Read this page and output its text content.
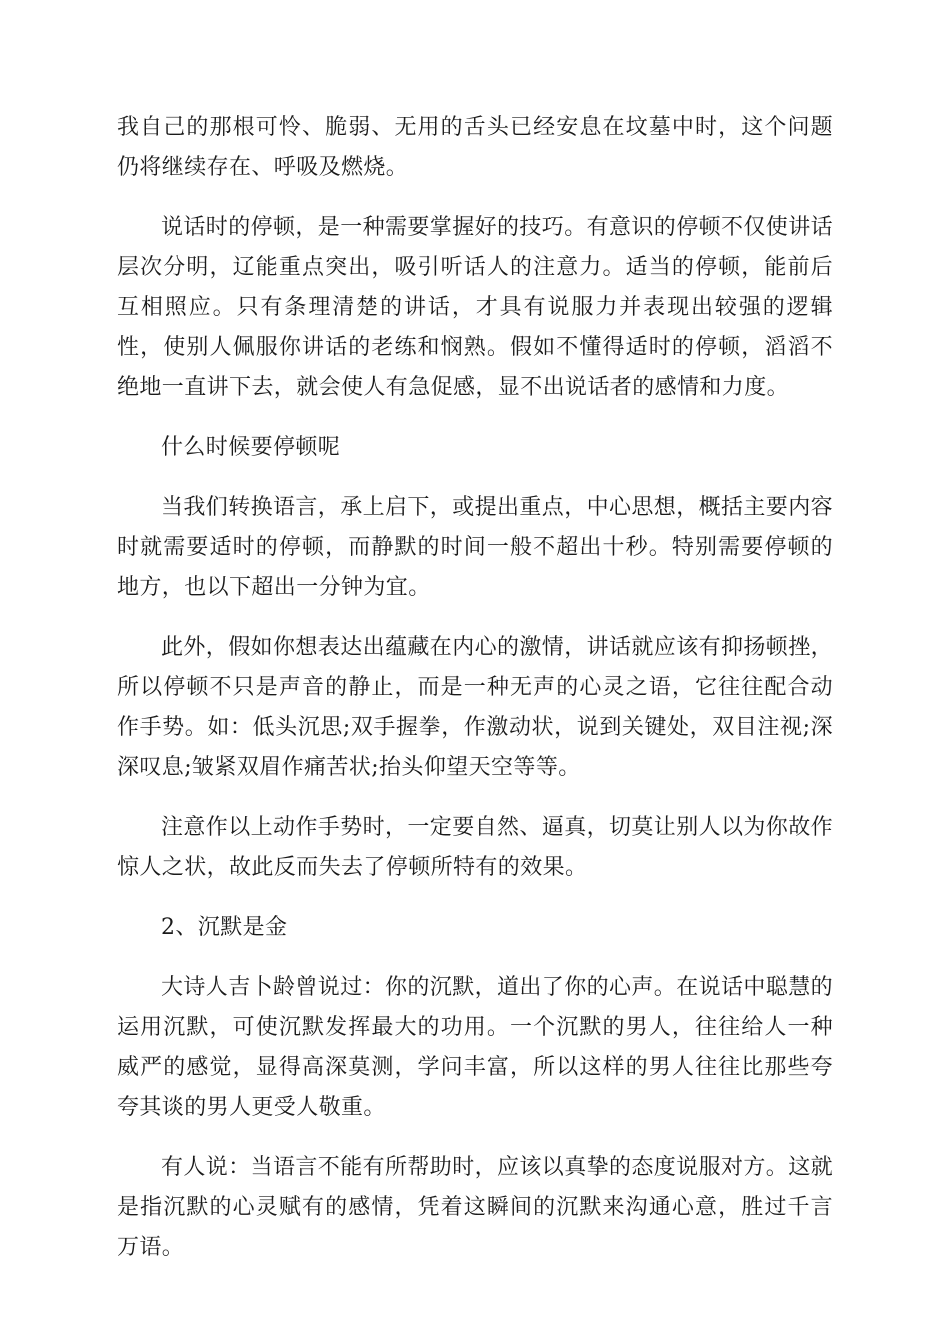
我自己的那根可怜、脆弱、无用的舌头已经安息在坟墓中时，这个问题仍将继续存在、呼吸及燃烧。

说话时的停顿，是一种需要掌握好的技巧。有意识的停顿不仅使讲话层次分明，辽能重点突出，吸引听话人的注意力。适当的停顿，能前后互相照应。只有条理清楚的讲话，才具有说服力并表现出较强的逻辑性，使别人佩服你讲话的老练和悯熟。假如不懂得适时的停顿，滔滔不绝地一直讲下去，就会使人有急促感，显不出说话者的感情和力度。

什么时候要停顿呢

当我们转换语言，承上启下，或提出重点，中心思想，概括主要内容时就需要适时的停顿，而静默的时间一般不超出十秒。特别需要停顿的地方，也以下超出一分钟为宜。

此外，假如你想表达出蕴藏在内心的激情，讲话就应该有抑扬顿挫，所以停顿不只是声音的静止，而是一种无声的心灵之语，它往往配合动作手势。如：低头沉思;双手握拳，作激动状，说到关键处，双目注视;深深叹息;皱紧双眉作痛苦状;抬头仰望天空等等。

注意作以上动作手势时，一定要自然、逼真，切莫让别人以为你故作惊人之状，故此反而失去了停顿所特有的效果。

2、沉默是金

大诗人吉卜龄曾说过：你的沉默，道出了你的心声。在说话中聪慧的运用沉默，可使沉默发挥最大的功用。一个沉默的男人，往往给人一种威严的感觉，显得高深莫测，学问丰富，所以这样的男人往往比那些夸夸其谈的男人更受人敬重。

有人说：当语言不能有所帮助时，应该以真挚的态度说服对方。这就是指沉默的心灵赋有的感情，凭着这瞬间的沉默来沟通心意，胜过千言万语。
